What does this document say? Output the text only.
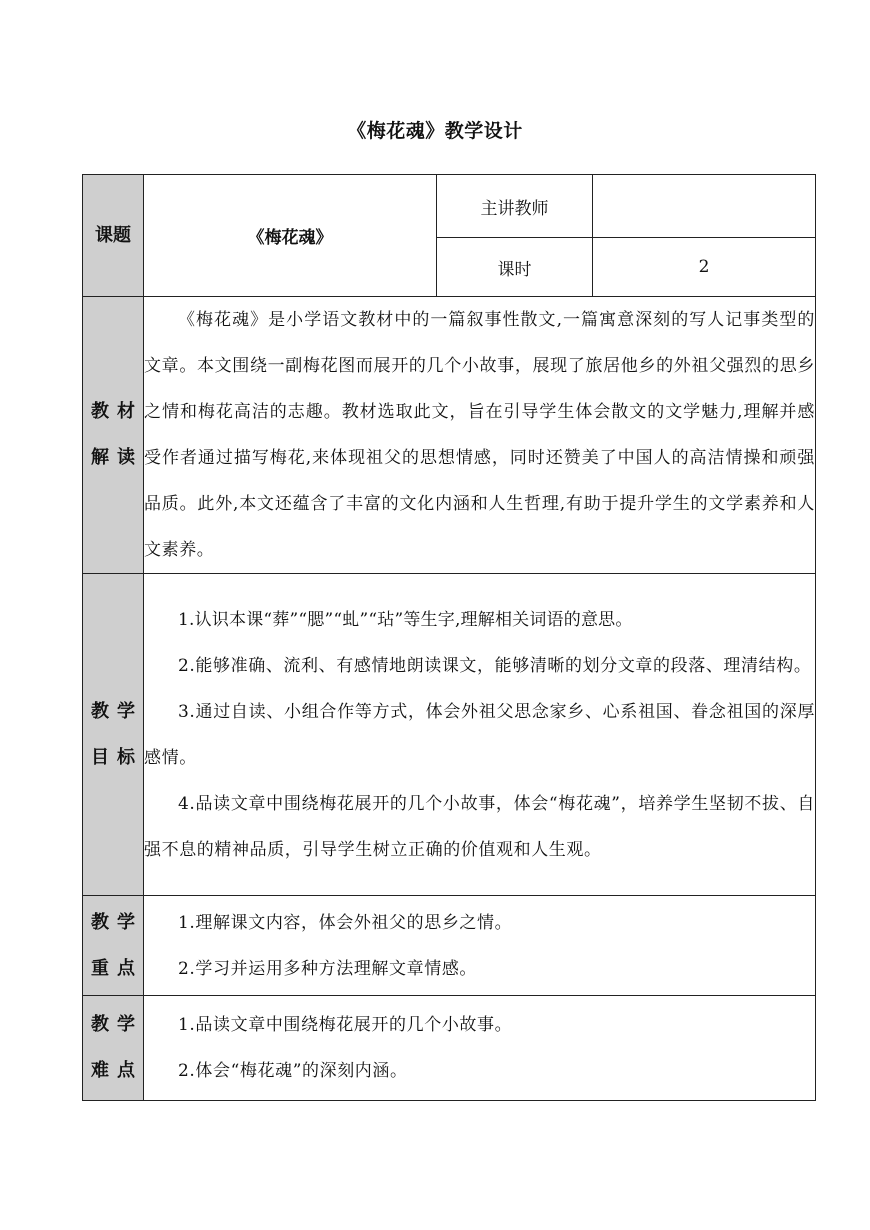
《梅花魂》教学设计
课题	《梅花魂》	主讲教师	
		课时	2

教材解读	《梅花魂》是小学语文教材中的一篇叙事性散文,一篇寓意深刻的写人记事类型的文章。本文围绕一副梅花图而展开的几个小故事，展现了旅居他乡的外祖父强烈的思乡之情和梅花高洁的志趣。教材选取此文，旨在引导学生体会散文的文学魅力,理解并感受作者通过描写梅花,来体现祖父的思想情感，同时还赞美了中国人的高洁情操和顽强品质。此外,本文还蕴含了丰富的文化内涵和人生哲理,有助于提升学生的文学素养和人文素养。		

教学目标	1.认识本课“葬”“腮”“虬”“玷”等生字,理解相关词语的意思。

2.能够准确、流利、有感情地朗读课文，能够清晰的划分文章的段落、理清结构。

3.通过自读、小组合作等方式，体会外祖父思念家乡、心系祖国、眷念祖国的深厚感情。

4.品读文章中围绕梅花展开的几个小故事，体会“梅花魂”，培养学生坚韧不拔、自强不息的精神品质，引导学生树立正确的价值观和人生观。		

教学重点	1.理解课文内容，体会外祖父的思乡之情。

2.学习并运用多种方法理解文章情感。		

教学难点	1.品读文章中围绕梅花展开的几个小故事。

2.体会“梅花魂”的深刻内涵。		
